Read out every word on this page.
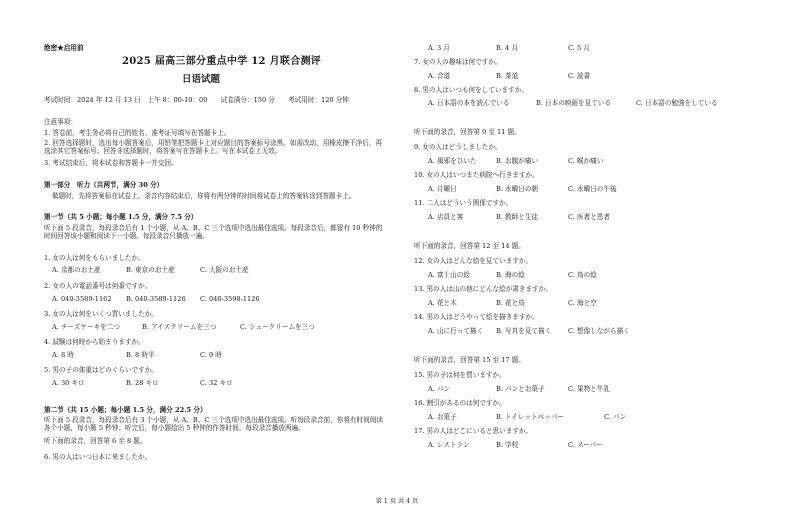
绝密★启用前
2025 届高三部分重点中学 12 月联合测评
日语试题
考试时间：2024 年 12 月 13 日　上午 8：00-10：00　　试卷满分：150 分　　考试用时：120 分钟
注意事项：
1. 答卷前，考生务必将自己的姓名、准考证号填写在答题卡上。
2. 回答选择题时，选出每小题答案后，用铅笔把答题卡上对应题目的答案标号涂黑。如需改动，用橡皮擦干净后，再选涂其它答案标号。回答非选择题时，将答案写在答题卡上。写在本试卷上无效。
3. 考试结束后，将本试卷和答题卡一并交回。
第一部分　听力（共两节，满分 30 分）
做题时，先将答案标在试卷上。录音内容结束后，你将有两分钟的时间将试卷上的答案转涂到答题卡上。
第一节（共 5 小题；每小题 1.5 分，满分 7.5 分）
听下面 5 段录音，每段录音后有 1 个小题，从 A、B、C 三个选项中选出最佳选项。每段录音后，都留有 10 秒钟的时间回答该小题和阅读下一小题。每段录音只播放一遍。
1. 女の人は何をもらいましたか。
A. 京都のお土産	B. 東京のお土産	C. 大阪のお土産
2. 女の人の電話番号は何番ですか。
A. 040-3589-1162 B. 040-3589-1126 C. 040-3598-1126
3. 女の人は何をいくつ買いましたか。
A. チーズケーキを二つ	B. アイスクリームを三つ	C. シュークリームを三つ
4. 試験は何時から始まりますか。
A. 8 時	B. 8 時半	C. 9 時
5. 男の子の体重はどのぐらいですか。
A. 30 キロ	B. 28 キロ	C. 32 キロ
第二节（共 15 小题；每小题 1.5 分，满分 22.5 分）
听下面 5 段录音，每段录音后有 3 个小题，从 A、B、C 三个选项中选出最佳选项。听每段录音前，你将有时间阅读各个小题，每小题 5 秒钟；听完后，每小题给出 5 秒钟的作答时间。每段录音播放两遍。
听下面的录音，回答第 6 至 8 题。
6. 男の人はいつ日本に来ましたか。
A. 3 月	B. 4 月	C. 5 月
7. 女の人の趣味は何ですか。
A. 音道	B. 茶道	C. 読書
8. 男の人はいつも何をしていますか。
A. 日本語の本を読んでいる	B. 日本の映画を見ている	C. 日本語の勉強をしている
听下面的录音，回答第 9 至 11 题。
9. 女の人はどうしましたか。
A. 風邪をひいた	B. お腹が痛い	C. 喉が痛い
10. 女の人はいつまた病院へ行きますか。
A. 月曜日	B. 水曜日の朝	C. 水曜日の午後
11. 二人はどういう関係ですか。
A. 店員と客	B. 教師と生徒	C. 医者と患者
听下面的录音，回答第 12 至 14 题。
12. 女の人はどんな絵を見ていますか。
A. 富士山の絵	B. 海の絵	C. 鳥の絵
13. 男の人は山の他にどんな絵が書きますか。
A. 花と木	B. 花と鳥	C. 海と空
14. 男の人はどうやって絵を描きますか。
A. 山に行って描く B. 写真を見て描く	C. 想像しながら描く
听下面的录音，回答第 15 至 17 题。
15. 男の子は何を買いますか。
A. パン	B. パンとお菓子	C. 果物と牛乳
16. 割引があるのは何ですか。
A. お菓子	B. トイレットペッパー	C. パン
17. 男の人はどこにいると思いますか。
A. レストラン	B. 学校	C. スーパー
第 1 页 共 4 页
